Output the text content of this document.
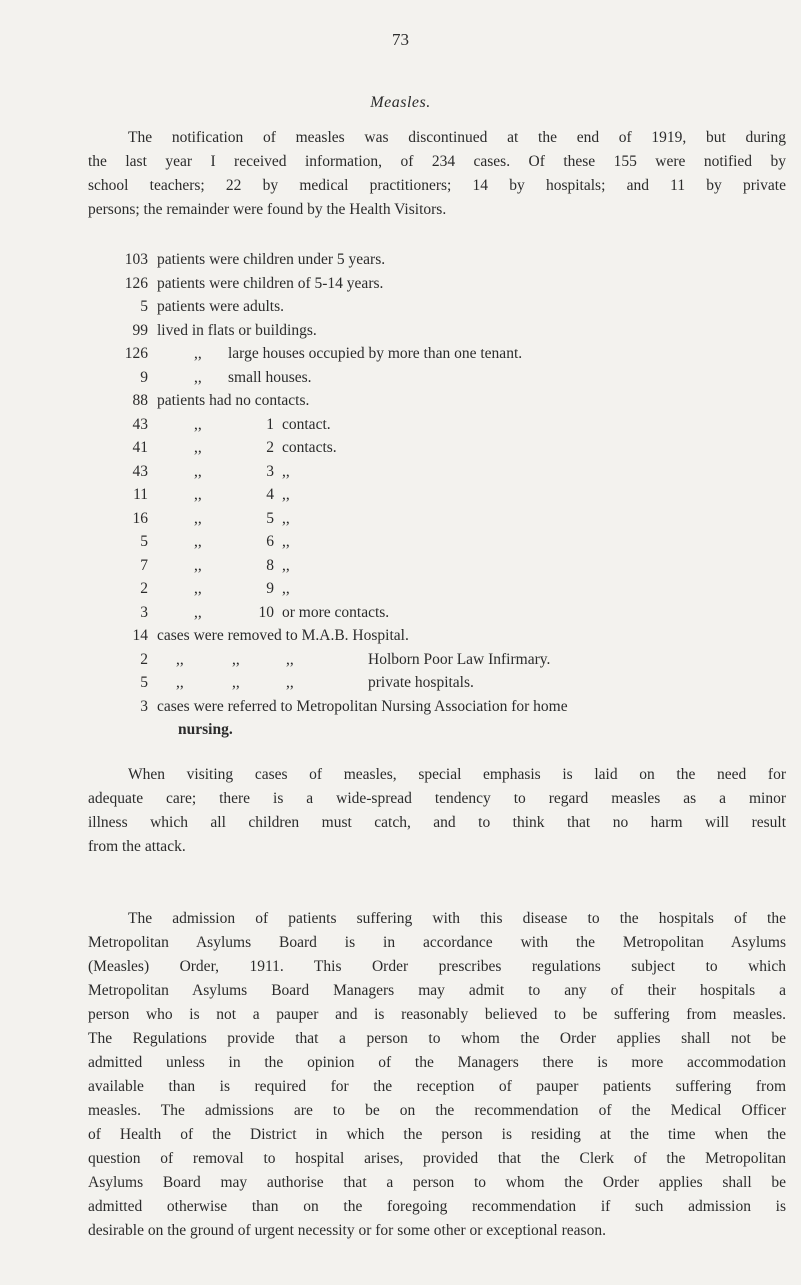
73
Measles.
The notification of measles was discontinued at the end of 1919, but during
the last year I received information, of 234 cases. Of these 155 were notified by
school teachers; 22 by medical practitioners; 14 by hospitals; and 11 by private
persons; the remainder were found by the Health Visitors.
103 patients were children under 5 years.
126 patients were children of 5-14 years.
5 patients were adults.
99 lived in flats or buildings.
126	,, large houses occupied by more than one tenant.
9	,, small houses.
88 patients had no contacts.
43	,,	1 contact.
41	,,	2 contacts.
43	,,	3 ,,
11	,,	4 ,,
16	,,	5 ,,
5	,,	6 ,,
7	,,	8 ,,
2	,,	9 ,,
3	,,	10 or more contacts.
14 cases were removed to M.A.B. Hospital.
2 ,,	,,	,,	Holborn Poor Law Infirmary.
5 ,,	,,	,,	private hospitals.
3 cases were referred to Metropolitan Nursing Association for home
nursing.
When visiting cases of measles, special emphasis is laid on the need for
adequate care; there is a wide-spread tendency to regard measles as a minor
illness which all children must catch, and to think that no harm will result
from the attack.
The admission of patients suffering with this disease to the hospitals of the
Metropolitan Asylums Board is in accordance with the Metropolitan Asylums
(Measles) Order, 1911. This Order prescribes regulations subject to which
Metropolitan Asylums Board Managers may admit to any of their hospitals a
person who is not a pauper and is reasonably believed to be suffering from measles.
The Regulations provide that a person to whom the Order applies shall not be
admitted unless in the opinion of the Managers there is more accommodation
available than is required for the reception of pauper patients suffering from
measles. The admissions are to be on the recommendation of the Medical Officer
of Health of the District in which the person is residing at the time when the
question of removal to hospital arises, provided that the Clerk of the Metropolitan
Asylums Board may authorise that a person to whom the Order applies shall be
admitted otherwise than on the foregoing recommendation if such admission is
desirable on the ground of urgent necessity or for some other or exceptional reason.
